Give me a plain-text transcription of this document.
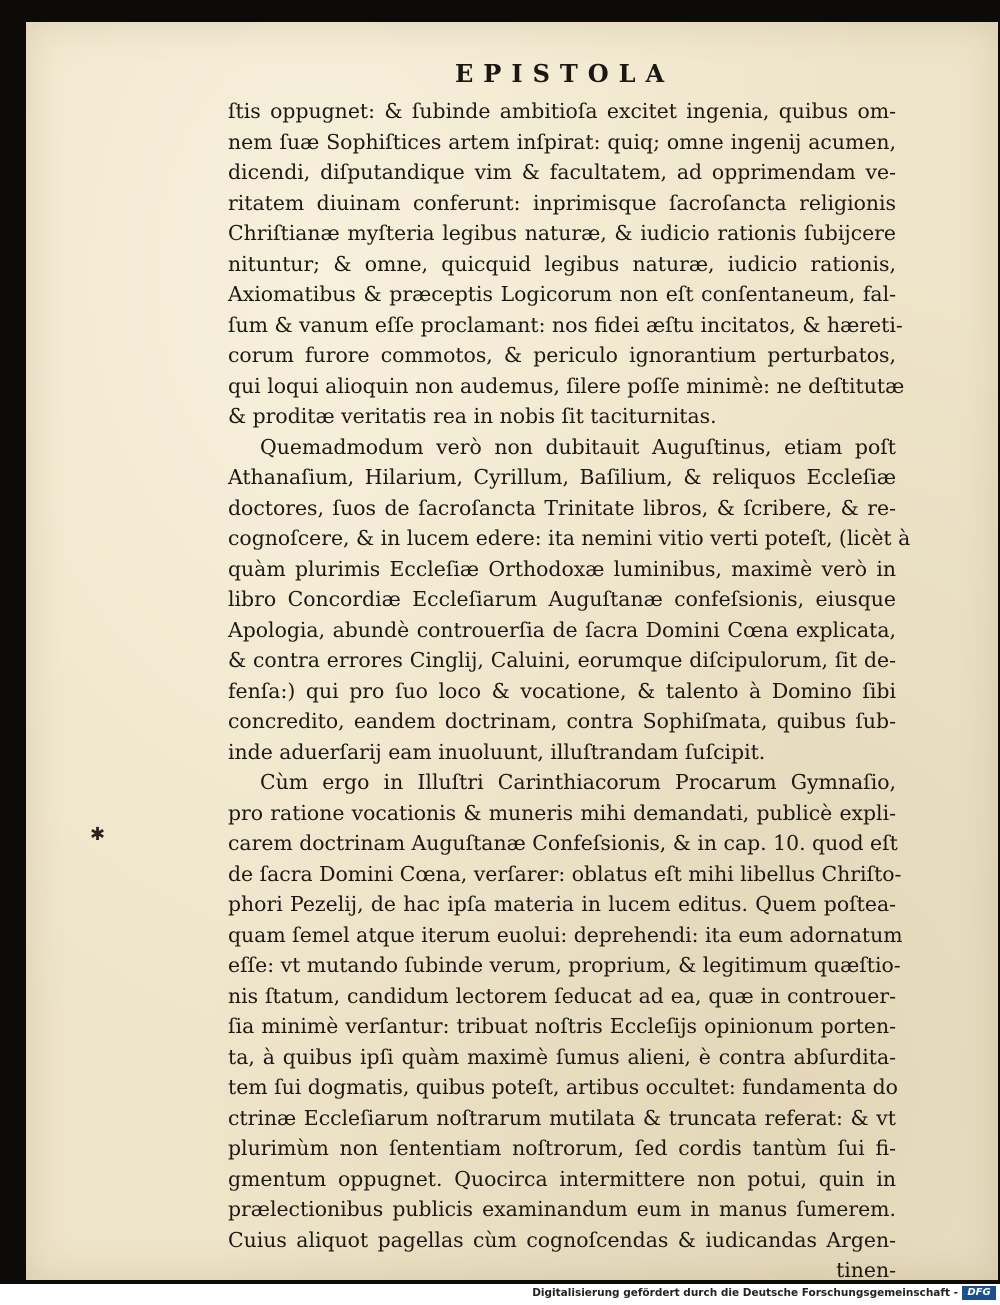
EPISTOLA
ſtis oppugnet: & ſubinde ambitioſa excitet ingenia, quibus om-
nem ſuæ Sophiſtices artem inſpirat: quiq; omne ingenij acumen,
dicendi, diſputandique vim & facultatem, ad opprimendam ve-
ritatem diuinam conferunt: inprimisque ſacroſancta religionis
Chriſtianæ myſteria legibus naturæ, & iudicio rationis ſubijcere
nituntur; & omne, quicquid legibus naturæ, iudicio rationis,
Axiomatibus & præceptis Logicorum non eſt conſentaneum, fal-
ſum & vanum eſſe proclamant: nos fidei æſtu incitatos, & hæreti-
corum furore commotos, & periculo ignorantium perturbatos,
qui loqui alioquin non audemus, ſilere poſſe minimè: ne deſtitutæ
& proditæ veritatis rea in nobis ſit taciturnitas.
Quemadmodum verò non dubitauit Auguſtinus, etiam poſt
Athanaſium, Hilarium, Cyrillum, Baſilium, & reliquos Eccleſiæ
doctores, ſuos de ſacroſancta Trinitate libros, & ſcribere, & re-
cognoſcere, & in lucem edere: ita nemini vitio verti poteſt, (licèt à
quàm plurimis Eccleſiæ Orthodoxæ luminibus, maximè verò in
libro Concordiæ Eccleſiarum Auguſtanæ confeſsionis, eiusque
Apologia, abundè controuerſia de ſacra Domini Cœna explicata,
& contra errores Cinglij, Caluini, eorumque diſcipulorum, ſit de-
fenſa:) qui pro ſuo loco & vocatione, & talento à Domino ſibi
concredito, eandem doctrinam, contra Sophiſmata, quibus ſub-
inde aduerſarij eam inuoluunt, illuſtrandam ſuſcipit.
Cùm ergo in Illuſtri Carinthiacorum Procarum Gymnaſio,
pro ratione vocationis & muneris mihi demandati, publicè expli-
carem doctrinam Auguſtanæ Confeſsionis, & in cap. 10. quod eſt
de ſacra Domini Cœna, verſarer: oblatus eſt mihi libellus Chriſto-
phori Pezelij, de hac ipſa materia in lucem editus. Quem poſtea-
quam ſemel atque iterum euolui: deprehendi: ita eum adornatum
eſſe: vt mutando ſubinde verum, proprium, & legitimum quæſtio-
nis ſtatum, candidum lectorem ſeducat ad ea, quæ in controuer-
ſia minimè verſantur: tribuat noſtris Eccleſijs opinionum porten-
ta, à quibus ipſi quàm maximè ſumus alieni, è contra abſurdita-
tem ſui dogmatis, quibus poteſt, artibus occultet: fundamenta do
ctrinæ Eccleſiarum noſtrarum mutilata & truncata referat: & vt
plurimùm non ſententiam noſtrorum, ſed cordis tantùm ſui fi-
gmentum oppugnet. Quocirca intermittere non potui, quin in
prælectionibus publicis examinandum eum in manus ſumerem.
Cuius aliquot pagellas cùm cognoſcendas & iudicandas Argen-
tinen-
✱
Digitalisierung gefördert durch die Deutsche Forschungsgemeinschaft - DFG
